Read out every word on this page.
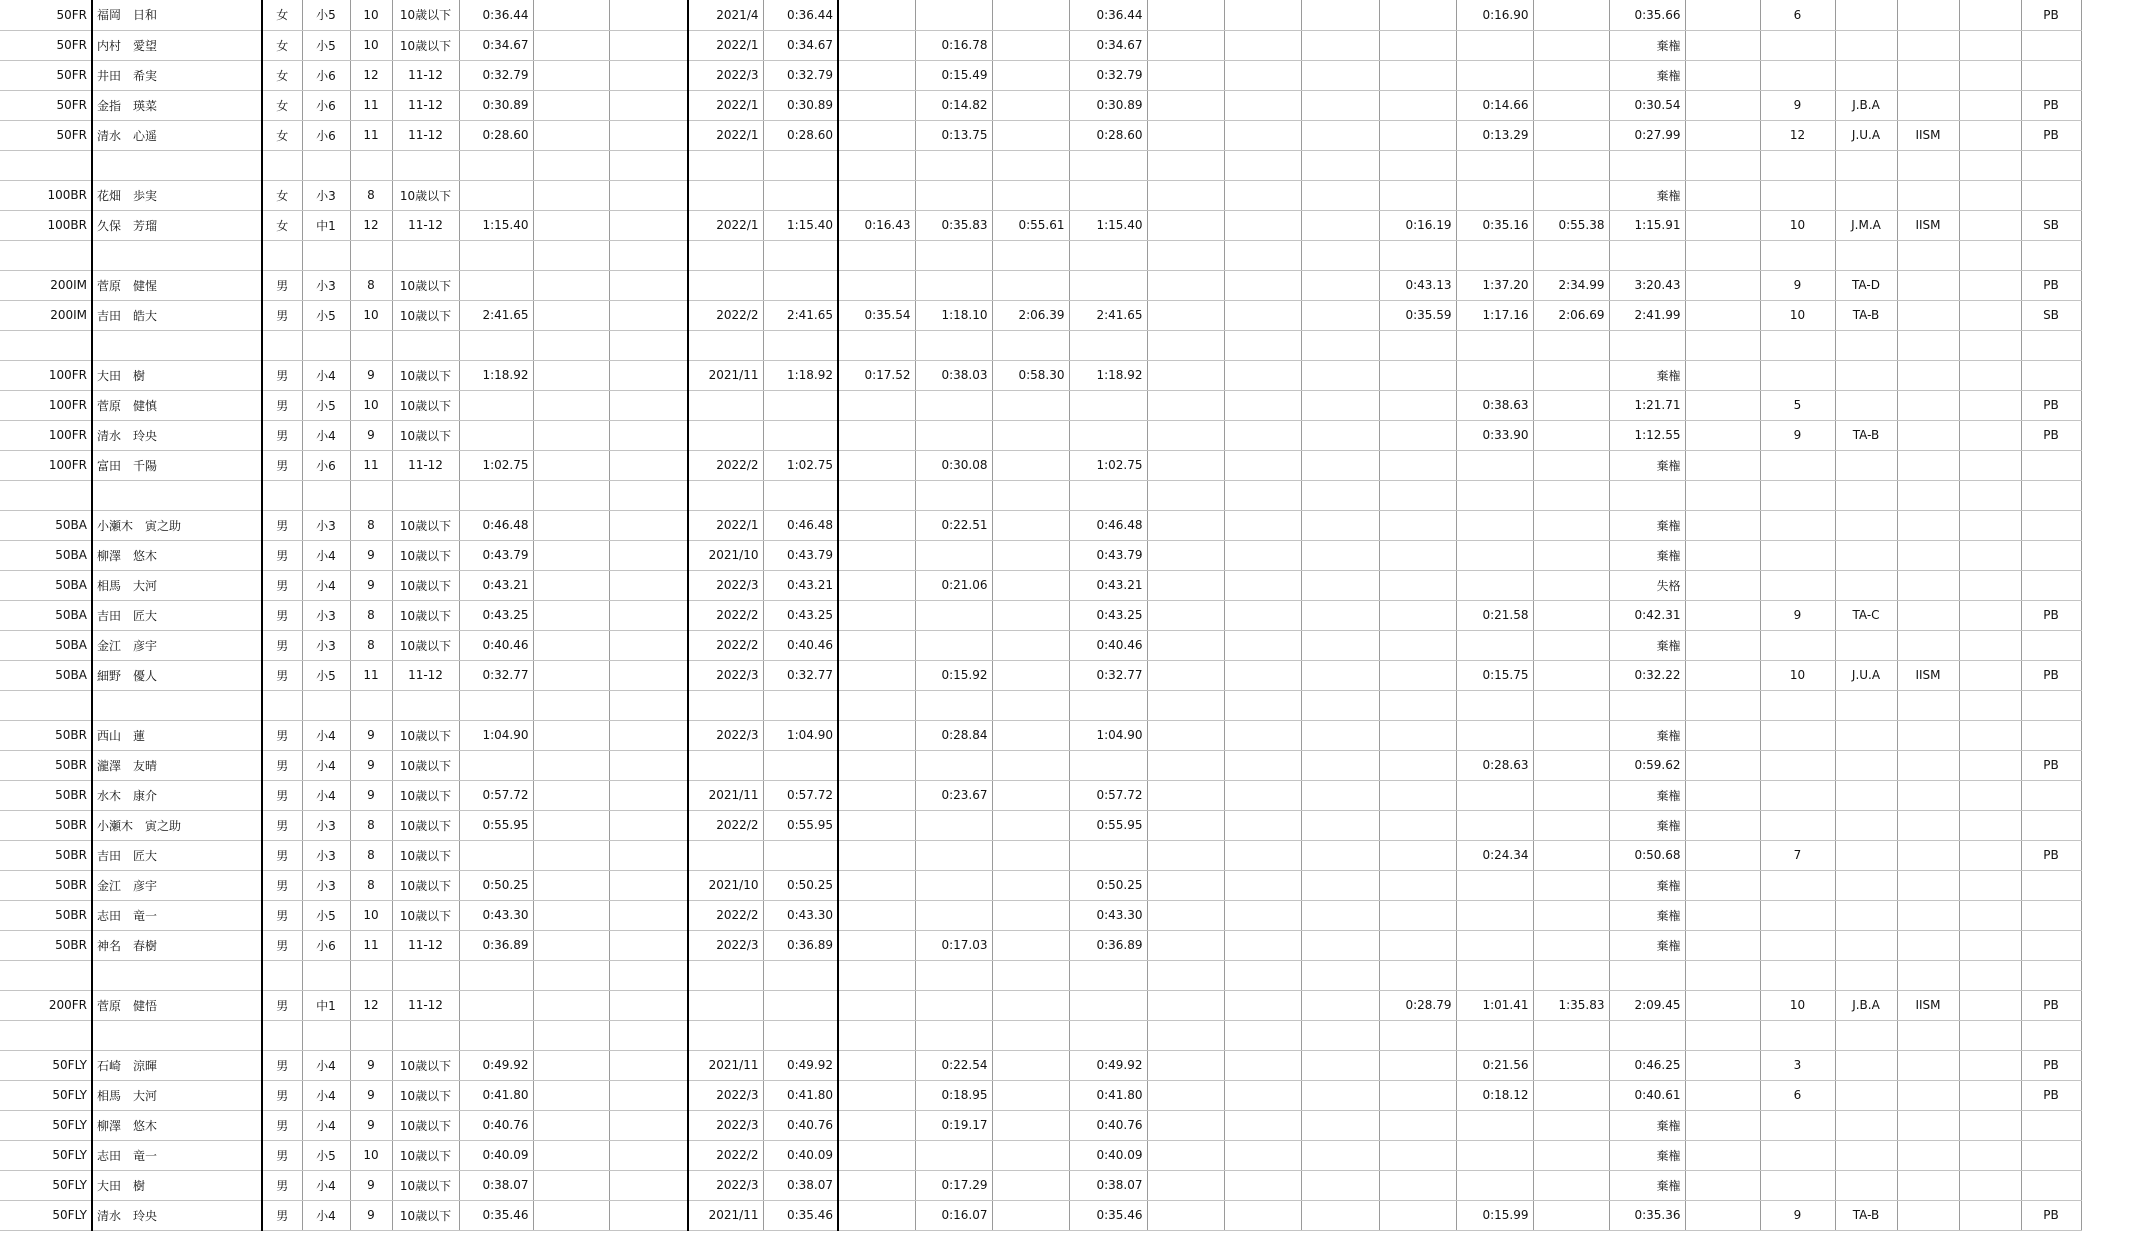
50FR	福岡　日和	女	小5	10	10歳以下	0:36.44			2021/4	0:36.44				0:36.44					0:16.90		0:35.66		6				PB
50FR	内村　愛望	女	小5	10	10歳以下	0:34.67			2022/1	0:34.67		0:16.78		0:34.67							棄権						
50FR	井田　希実	女	小6	12	11-12	0:32.79			2022/3	0:32.79		0:15.49		0:32.79							棄権						
50FR	金指　瑛菜	女	小6	11	11-12	0:30.89			2022/1	0:30.89		0:14.82		0:30.89					0:14.66		0:30.54		9	J.B.A			PB
50FR	清水　心遥	女	小6	11	11-12	0:28.60			2022/1	0:28.60		0:13.75		0:28.60					0:13.29		0:27.99		12	J.U.A	IISM		PB

100BR	花畑　歩実	女	小3	8	10歳以下																棄権						
100BR	久保　芳瑠	女	中1	12	11-12	1:15.40			2022/1	1:15.40	0:16.43	0:35.83	0:55.61	1:15.40				0:16.19	0:35.16	0:55.38	1:15.91		10	J.M.A	IISM		SB

200IM	菅原　健惺	男	小3	8	10歳以下													0:43.13	1:37.20	2:34.99	3:20.43		9	TA-D			PB
200IM	吉田　皓大	男	小5	10	10歳以下	2:41.65			2022/2	2:41.65	0:35.54	1:18.10	2:06.39	2:41.65				0:35.59	1:17.16	2:06.69	2:41.99		10	TA-B			SB

100FR	大田　樹	男	小4	9	10歳以下	1:18.92			2021/11	1:18.92	0:17.52	0:38.03	0:58.30	1:18.92							棄権						
100FR	菅原　健慎	男	小5	10	10歳以下														0:38.63		1:21.71		5				PB
100FR	清水　玲央	男	小4	9	10歳以下														0:33.90		1:12.55		9	TA-B			PB
100FR	富田　千陽	男	小6	11	11-12	1:02.75			2022/2	1:02.75		0:30.08		1:02.75							棄権						

50BA	小瀬木　寅之助	男	小3	8	10歳以下	0:46.48			2022/1	0:46.48		0:22.51		0:46.48							棄権						
50BA	柳澤　悠木	男	小4	9	10歳以下	0:43.79			2021/10	0:43.79				0:43.79							棄権						
50BA	相馬　大河	男	小4	9	10歳以下	0:43.21			2022/3	0:43.21		0:21.06		0:43.21							失格						
50BA	吉田　匠大	男	小3	8	10歳以下	0:43.25			2022/2	0:43.25				0:43.25					0:21.58		0:42.31		9	TA-C			PB
50BA	金江　彦宇	男	小3	8	10歳以下	0:40.46			2022/2	0:40.46				0:40.46							棄権						
50BA	細野　優人	男	小5	11	11-12	0:32.77			2022/3	0:32.77		0:15.92		0:32.77					0:15.75		0:32.22		10	J.U.A	IISM		PB

50BR	西山　蓮	男	小4	9	10歳以下	1:04.90			2022/3	1:04.90		0:28.84		1:04.90							棄権						
50BR	瀧澤　友晴	男	小4	9	10歳以下														0:28.63		0:59.62						PB
50BR	水木　康介	男	小4	9	10歳以下	0:57.72			2021/11	0:57.72		0:23.67		0:57.72							棄権						
50BR	小瀬木　寅之助	男	小3	8	10歳以下	0:55.95			2022/2	0:55.95				0:55.95							棄権						
50BR	吉田　匠大	男	小3	8	10歳以下														0:24.34		0:50.68		7				PB
50BR	金江　彦宇	男	小3	8	10歳以下	0:50.25			2021/10	0:50.25				0:50.25							棄権						
50BR	志田　竜一	男	小5	10	10歳以下	0:43.30			2022/2	0:43.30				0:43.30							棄権						
50BR	神名　春樹	男	小6	11	11-12	0:36.89			2022/3	0:36.89		0:17.03		0:36.89							棄権						

200FR	菅原　健悟	男	中1	12	11-12													0:28.79	1:01.41	1:35.83	2:09.45		10	J.B.A	IISM		PB

50FLY	石崎　涼暉	男	小4	9	10歳以下	0:49.92			2021/11	0:49.92		0:22.54		0:49.92					0:21.56		0:46.25		3				PB
50FLY	相馬　大河	男	小4	9	10歳以下	0:41.80			2022/3	0:41.80		0:18.95		0:41.80					0:18.12		0:40.61		6				PB
50FLY	柳澤　悠木	男	小4	9	10歳以下	0:40.76			2022/3	0:40.76		0:19.17		0:40.76							棄権						
50FLY	志田　竜一	男	小5	10	10歳以下	0:40.09			2022/2	0:40.09				0:40.09							棄権						
50FLY	大田　樹	男	小4	9	10歳以下	0:38.07			2022/3	0:38.07		0:17.29		0:38.07							棄権						
50FLY	清水　玲央	男	小4	9	10歳以下	0:35.46			2021/11	0:35.46		0:16.07		0:35.46					0:15.99		0:35.36		9	TA-B			PB
